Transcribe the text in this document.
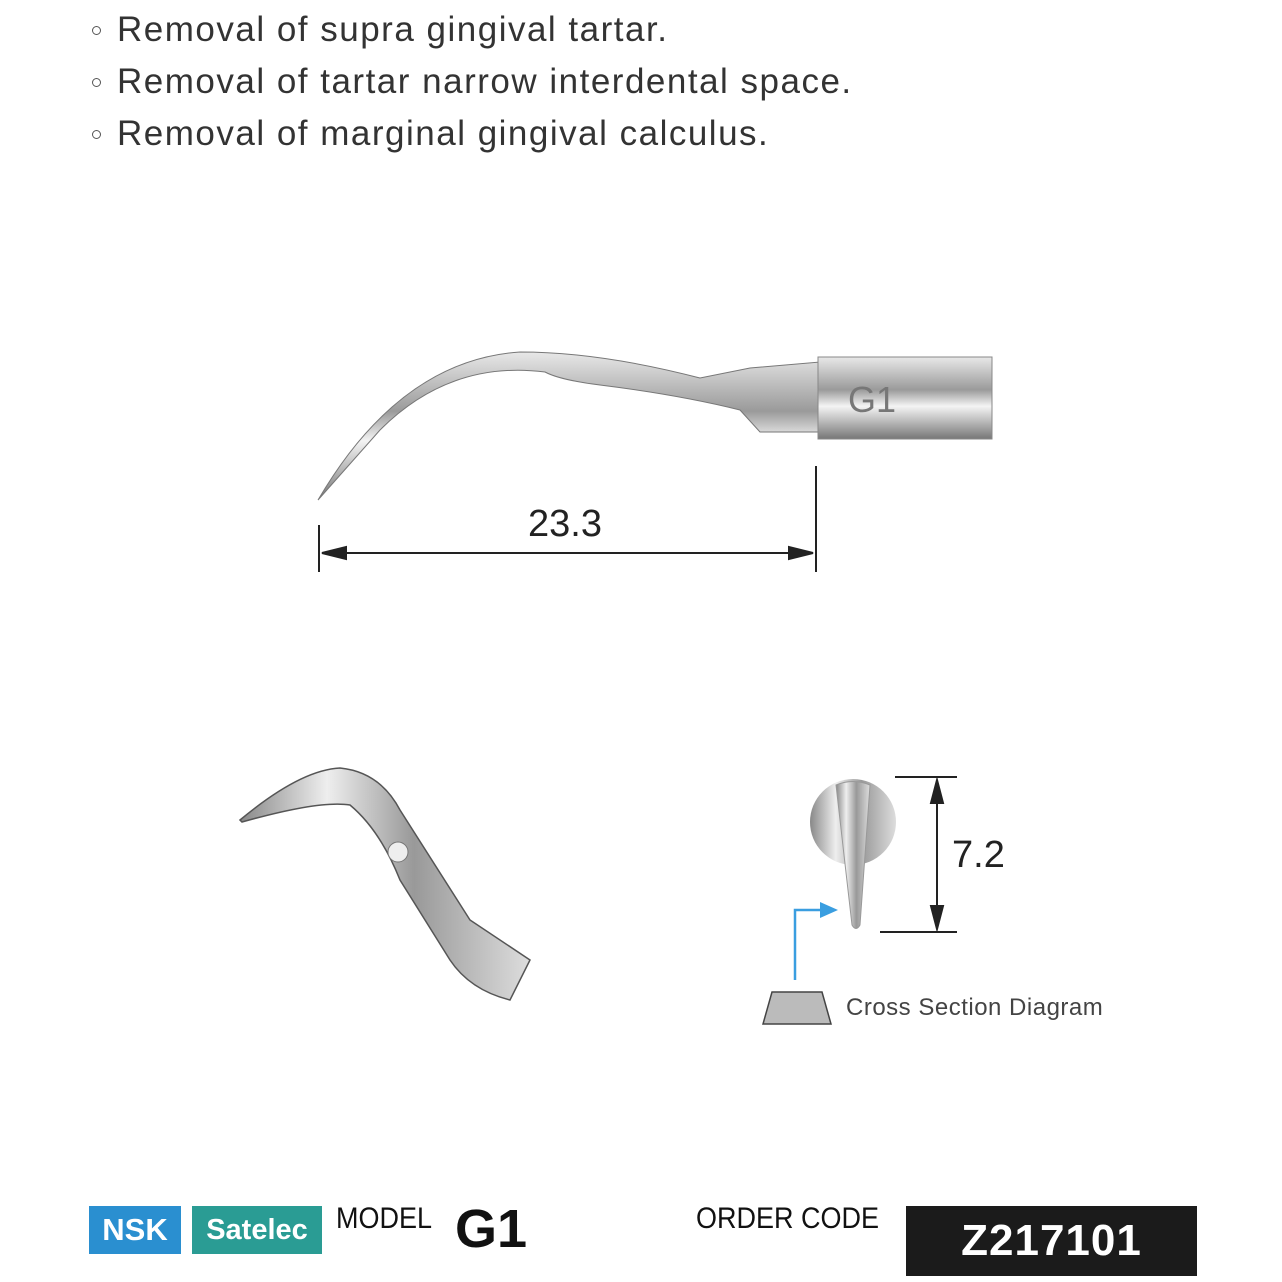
Removal of supra gingival tartar.
Removal of tartar narrow interdental space.
Removal of marginal gingival calculus.
G1
23.3
7.2
Cross Section Diagram
NSK	Satelec MODEL G1	ORDER CODE	Z217101
